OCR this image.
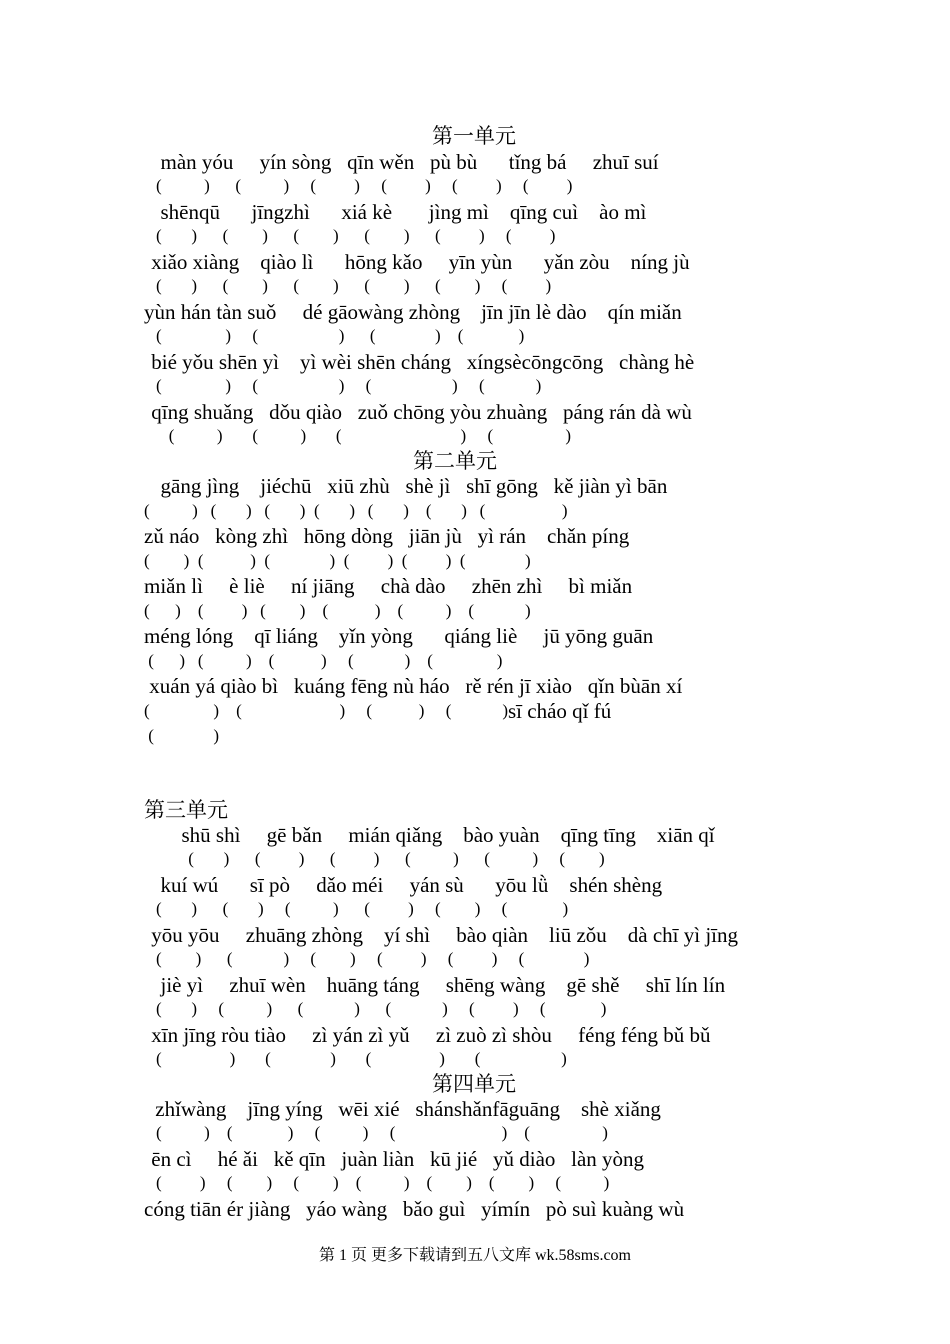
第一单元
màn yóu     yín sòng   qīn wěn   pù bù      tǐng bá     zhuī suí
(          )      (          )     (         )     (         )     (         )     (         )
shēnqū      jīngzhì      xiá kè       jìng mì    qīng cuì    ào mì
(       )      (        )      (        )      (        )      (         )     (         )
xiǎo xiàng    qiào lì      hōng kǎo     yīn yùn      yǎn zòu    níng jù
(       )      (        )      (        )      (        )      (        )     (         )
yùn hán tàn suǒ     dé gāowàng zhòng    jīn jīn lè dào    qín miǎn
(               )     (                   )      (              )    (             )
bié yǒu shēn yì    yì wèi shēn cháng   xíngsècōngcōng   chàng hè
(               )     (                   )     (                   )     (            )
qīng shuǎng   dǒu qiào   zuǒ chōng yòu zhuàng   páng rán dà wù
(          )       (          )       (                            )     (                 )
第二单元
gāng jìng    jiéchū   xiū zhù   shè jì   shī gōng   kě jiàn yì bān
(          )   (       )   (       )  (       )   (       )    (       )   (                  )
zǔ náo   kòng zhì   hōng dòng   jiān jù   yì rán    chǎn píng
(        )  (           )  (              )  (         )  (         )  (              )
miǎn lì     è liè     ní jiāng     chà dào     zhēn zhì     bì miǎn
(      )    (         )   (        )    (           )    (          )    (            )
méng lóng    qī liáng    yǐn yòng      qiáng liè     jū yōng guān
(      )   (          )    (           )     (            )    (               )
xuán yá qiào bì   kuáng fēng nù háo   rě rén jī xiào   qǐn bùān xí
(               )    (                       )     (           )     (            ) sī cháo qǐ fú
(              )
第三单元
shū shì     gē bǎn     mián qiǎng    bào yuàn    qīng tīng    xiān qǐ
(       )      (         )      (         )      (          )      (          )     (        )
kuí wú      sī pò     dǎo méi     yán sù      yōu lǜ    shén shèng
(       )      (       )     (          )      (         )     (        )     (             )
yōu yōu     zhuāng zhòng    yí shì     bào qiàn    liū zǒu    dà chī yì jīng
(        )      (            )     (        )     (         )     (         )     (              )
jiè yì     zhuī wèn    huāng táng     shēng wàng    gē shě     shī lín lín
(       )     (          )      (            )      (            )     (         )     (             )
xīn jīng ròu tiào     zì yán zì yǔ     zì zuò zì shòu     féng féng bǔ bǔ
(                )       (              )       (                )       (                   )
第四单元
zhǐwàng    jīng yíng   wēi xié   shánshǎnfāguāng    shè xiǎng
(          )    (             )     (          )     (                         )    (                 )
ēn cì     hé ǎi   kě qīn   juàn liàn   kū jié   yǔ diào   làn yòng
(         )     (        )     (        )    (          )    (        )    (        )     (          )
cóng tiān ér jiàng   yáo wàng   bǎo guì   yímín   pò suì kuàng wù
第 1 页 更多下载请到五八文库 wk.58sms.com
